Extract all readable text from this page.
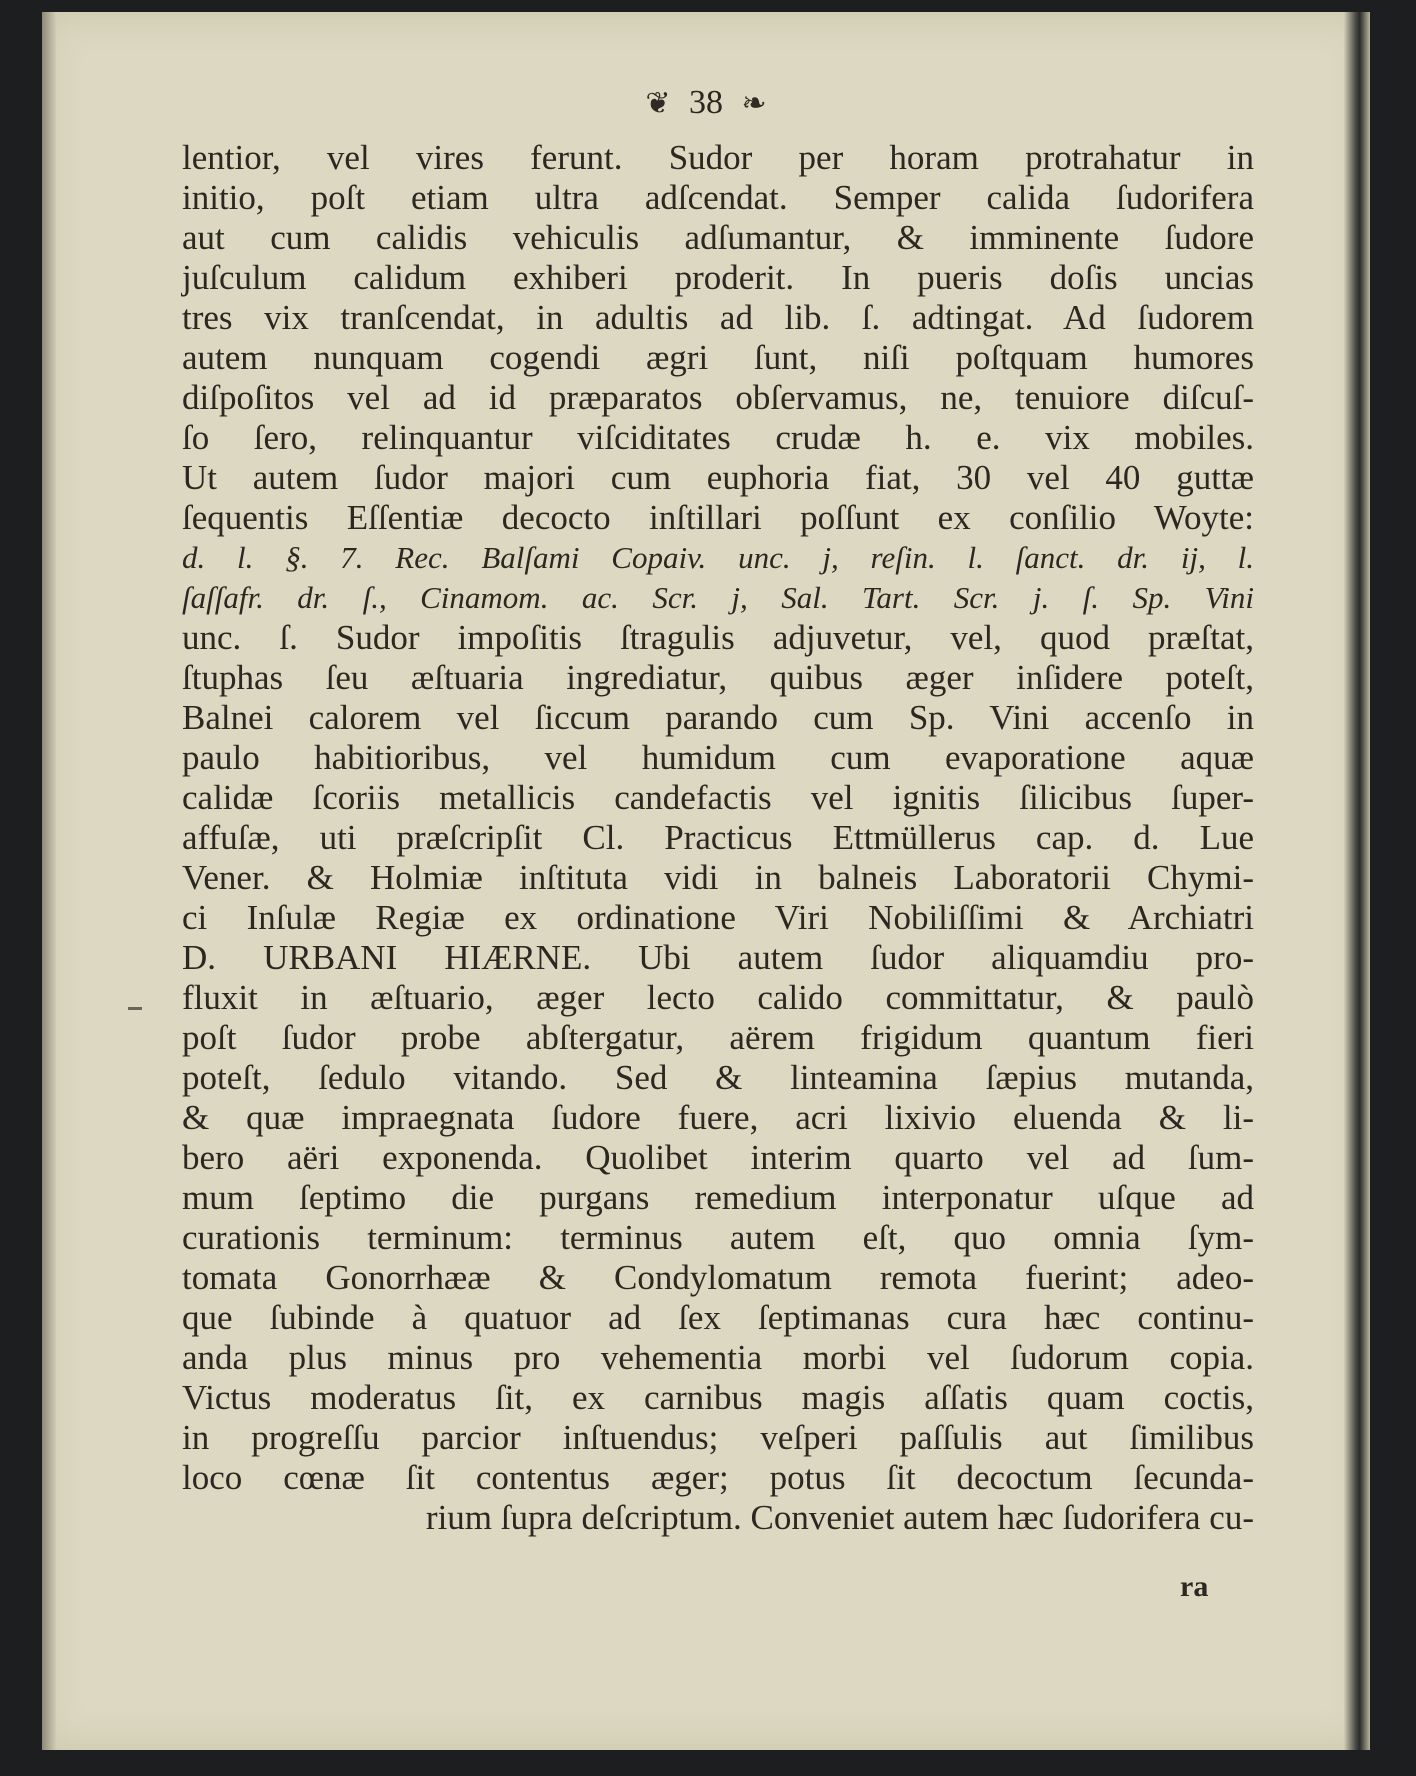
❦ 38 ❧
lentior, vel vires ferunt. Sudor per horam protrahatur in
initio, poſt etiam ultra adſcendat. Semper calida ſudorifera
aut cum calidis vehiculis adſumantur, & imminente ſudore
juſculum calidum exhiberi proderit. In pueris doſis uncias
tres vix tranſcendat, in adultis ad lib. ſ. adtingat. Ad ſudorem
autem nunquam cogendi ægri ſunt, niſi poſtquam humores
diſpoſitos vel ad id præparatos obſervamus, ne, tenuiore diſcuſ-
ſo ſero, relinquantur viſciditates crudæ h. e. vix mobiles.
Ut autem ſudor majori cum euphoria fiat, 30 vel 40 guttæ
ſequentis Eſſentiæ decocto inſtillari poſſunt ex conſilio Woyte:
d. l. §. 7. Rec. Balſami Copaiv. unc. j, reſin. l. ſanct. dr. ij, l.
ſaſſafr. dr. ſ., Cinamom. ac. Scr. j, Sal. Tart. Scr. j. ſ. Sp. Vini
unc. ſ. Sudor impoſitis ſtragulis adjuvetur, vel, quod præſtat,
ſtuphas ſeu æſtuaria ingrediatur, quibus æger inſidere poteſt,
Balnei calorem vel ſiccum parando cum Sp. Vini accenſo in
paulo habitioribus, vel humidum cum evaporatione aquæ
calidæ ſcoriis metallicis candefactis vel ignitis ſilicibus ſuper-
affuſæ, uti præſcripſit Cl. Practicus Ettmüllerus cap. d. Lue
Vener. & Holmiæ inſtituta vidi in balneis Laboratorii Chymi-
ci Inſulæ Regiæ ex ordinatione Viri Nobiliſſimi & Archiatri
D. URBANI HIÆRNE. Ubi autem ſudor aliquamdiu pro-
fluxit in æſtuario, æger lecto calido committatur, & paulò
poſt ſudor probe abſtergatur, aërem frigidum quantum fieri
poteſt, ſedulo vitando. Sed & linteamina ſæpius mutanda,
& quæ impraegnata ſudore fuere, acri lixivio eluenda & li-
bero aëri exponenda. Quolibet interim quarto vel ad ſum-
mum ſeptimo die purgans remedium interponatur uſque ad
curationis terminum: terminus autem eſt, quo omnia ſym-
tomata Gonorrhææ & Condylomatum remota fuerint; adeo-
que ſubinde à quatuor ad ſex ſeptimanas cura hæc continu-
anda plus minus pro vehementia morbi vel ſudorum copia.
Victus moderatus ſit, ex carnibus magis aſſatis quam coctis,
in progreſſu parcior inſtuendus; veſperi paſſulis aut ſimilibus
loco cœnæ ſit contentus æger; potus ſit decoctum ſecunda-
rium ſupra deſcriptum. Conveniet autem hæc ſudorifera cu-
ra
